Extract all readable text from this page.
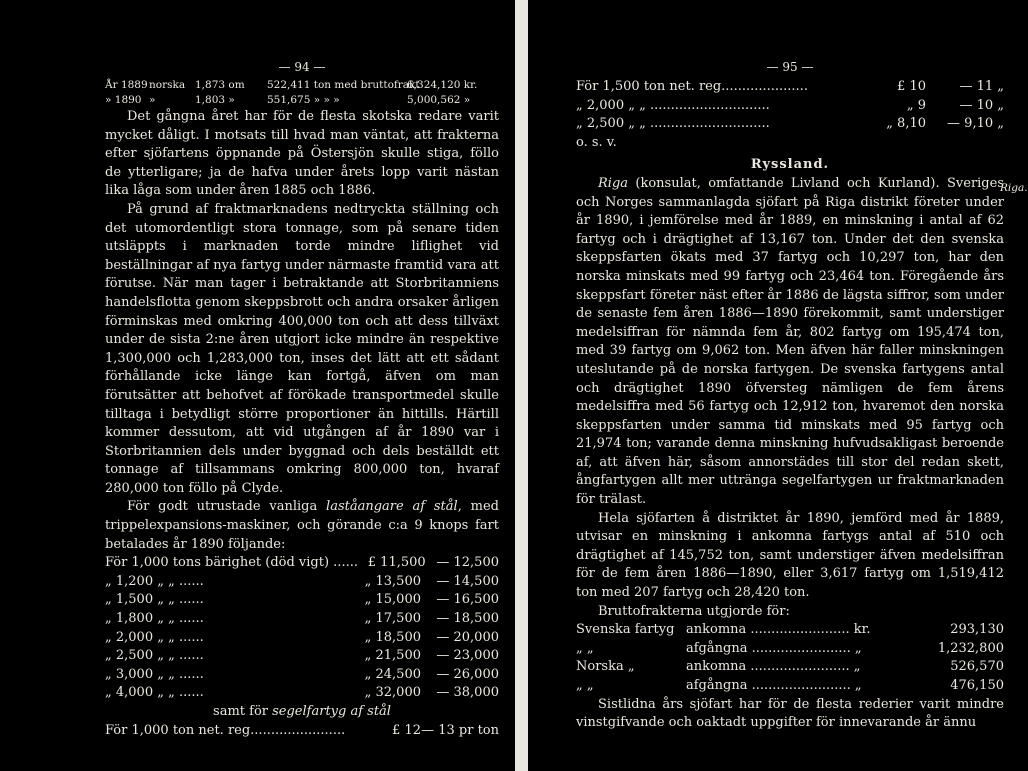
— 94 —
År 1889norska 1,873 om 522,411 ton med bruttofrakt6,324,120 kr.
» 1890 »	1,803 »	551,675 » » »	5,000,562 »

Det gångna året har för de flesta skotska redare varit mycket dåligt. I motsats till hvad man väntat, att frakterna efter sjöfartens öppnande på Östersjön skulle stiga, föllo de ytterligare; ja de hafva under årets lopp varit nästan lika låga som under åren 1885 och 1886.

På grund af fraktmarknadens nedtryckta ställning och det utomordentligt stora tonnage, som på senare tiden utsläppts i marknaden torde mindre liflighet vid beställningar af nya fartyg under närmaste framtid vara att förutse. När man tager i betraktande att Storbritanniens handelsflotta genom skeppsbrott och andra orsaker årligen förminskas med omkring 400,000 ton och att dess tillväxt under de sista 2:ne åren utgjort icke mindre än respektive 1,300,000 och 1,283,000 ton, inses det lätt att ett sådant förhållande icke länge kan fortgå, äfven om man förutsätter att behofvet af förökade transportmedel skulle tilltaga i betydligt större proportioner än hittills. Härtill kommer dessutom, att vid utgången af år 1890 var i Storbritannien dels under byggnad och dels beställdt ett tonnage af tillsammans omkring 800,000 ton, hvaraf 280,000 ton föllo på Clyde.

För godt utrustade vanliga laståangare af stål, med trippelexpansions-maskiner, och görande c:a 9 knops fart betalades år 1890 följande:

För 1,000 tons bärighet (död vigt) ...... £ 11,500 — 12,500
„ 1,200 „ „ ......	„ 13,500	— 14,500
„ 1,500 „ „ ......	„ 15,000	— 16,500
„ 1,800 „ „ ......	„ 17,500	— 18,500
„ 2,000 „ „ ......	„ 18,500	— 20,000
„ 2,500 „ „ ......	„ 21,500	— 23,000
„ 3,000 „ „ ......	„ 24,500	— 26,000
„ 4,000 „ „ ......	„ 32,000	— 38,000
samt för segelfartyg af stål
För 1,000 ton net. reg.......................	£ 12 — 13 pr ton
— 95 —
För 1,500 ton net. reg.....................	£ 10	— 11 „
„ 2,000 „ „ .............................	„ 9	— 10 „
„ 2,500 „ „ .............................	„ 8,10	— 9,10 „
o. s. v.
Ryssland.

Riga (konsulat, omfattande Livland och Kurland). Sveriges och Norges sammanlagda sjöfart på Riga distrikt företer under år 1890, i jemförelse med år 1889, en minskning i antal af 62 fartyg och i drägtighet af 13,167 ton. Under det den svenska skeppsfarten ökats med 37 fartyg och 10,297 ton, har den norska minskats med 99 fartyg och 23,464 ton. Föregående års skeppsfart företer näst efter år 1886 de lägsta siffror, som under de senaste fem åren 1886—1890 förekommit, samt understiger medelsiffran för nämnda fem år, 802 fartyg om 195,474 ton, med 39 fartyg om 9,062 ton. Men äfven här faller minskningen uteslutande på de norska fartygen. De svenska fartygens antal och drägtighet 1890 öfversteg nämligen de fem årens medelsiffra med 56 fartyg och 12,912 ton, hvaremot den norska skeppsfarten under samma tid minskats med 95 fartyg och 21,974 ton; varande denna minskning hufvudsakligast beroende af, att äfven här, såsom annorstädes till stor del redan skett, ångfartygen allt mer uttränga segelfartygen ur fraktmarknaden för trälast.

Hela sjöfarten å distriktet år 1890, jemförd med år 1889, utvisar en minskning i ankomna fartygs antal af 510 och drägtighet af 145,752 ton, samt understiger äfven medelsiffran för de fem åren 1886—1890, eller 3,617 fartyg om 1,519,412 ton med 207 fartyg och 28,420 ton.

Bruttofrakterna utgjorde för:

Svenska fartyg ankomna ........................ kr.	293,130
„ „	afgångna ........................ „	1,232,800
Norska „	ankomna ........................ „	526,570
„ „	afgångna ........................ „	476,150

Sistlidna års sjöfart har för de flesta rederier varit mindre vinstgifvande och oaktadt uppgifter för innevarande år ännu

Riga.
